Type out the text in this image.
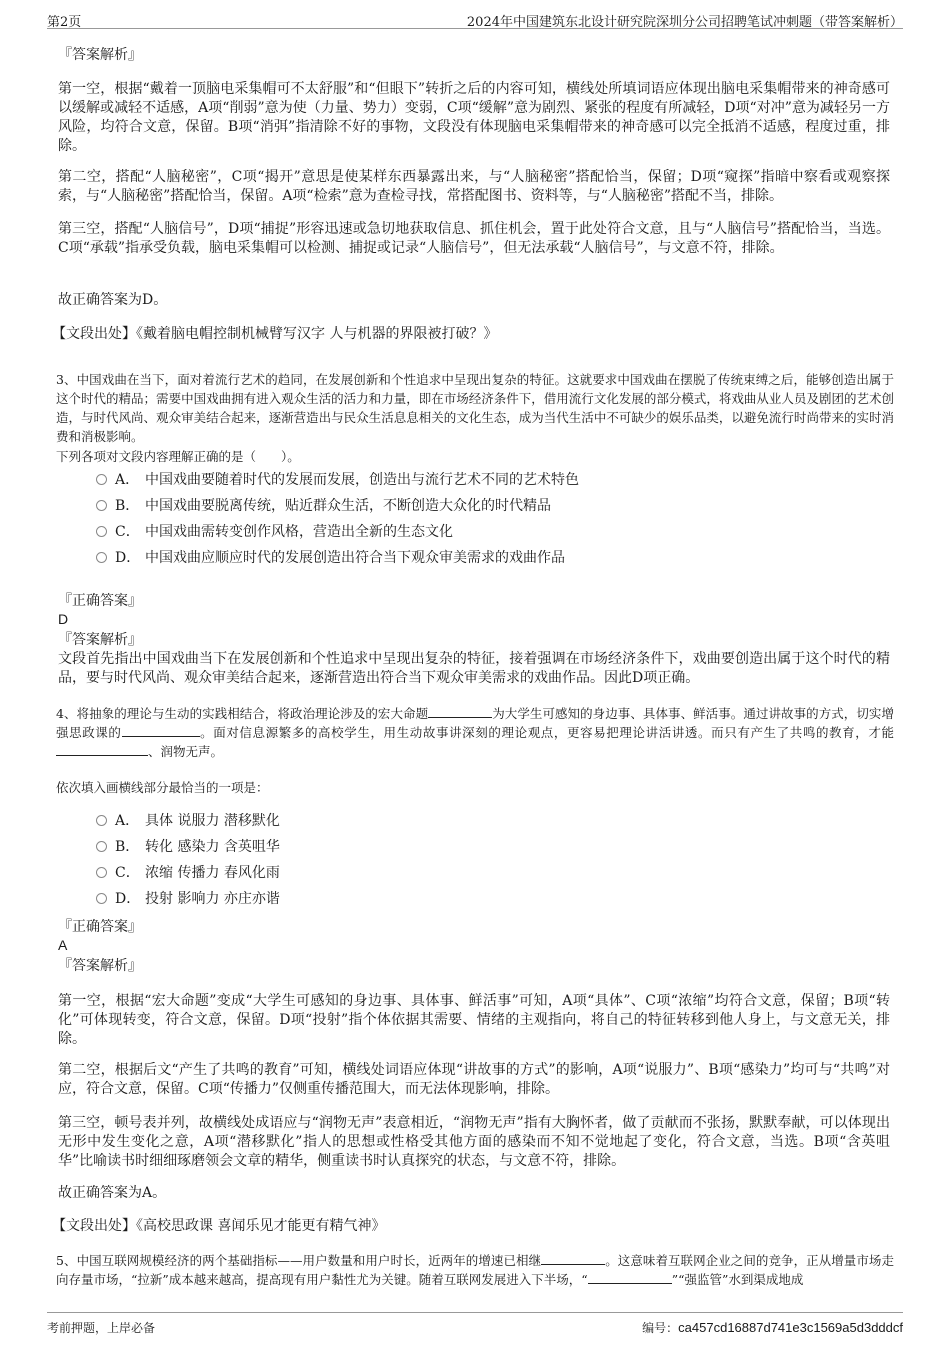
第2页	2024年中国建筑东北设计研究院深圳分公司招聘笔试冲刺题（带答案解析）
『答案解析』
第一空，根据“戴着一顶脑电采集帽可不太舒服”和“但眼下”转折之后的内容可知，横线处所填词语应体现出脑电采集帽带来的神奇感可以缓解或减轻不适感，A项“削弱”意为使（力量、势力）变弱，C项“缓解”意为剧烈、紧张的程度有所减轻，D项“对冲”意为减轻另一方风险，均符合文意，保留。B项“消弭”指清除不好的事物，文段没有体现脑电采集帽带来的神奇感可以完全抵消不适感，程度过重，排除。
第二空，搭配“人脑秘密”，C项“揭开”意思是使某样东西暴露出来，与“人脑秘密”搭配恰当，保留；D项“窥探”指暗中察看或观察探索，与“人脑秘密”搭配恰当，保留。A项“检索”意为查检寻找，常搭配图书、资料等，与“人脑秘密”搭配不当，排除。
第三空，搭配“人脑信号”，D项“捕捉”形容迅速或急切地获取信息、抓住机会，置于此处符合文意，且与“人脑信号”搭配恰当，当选。C项“承载”指承受负载，脑电采集帽可以检测、捕捉或记录“人脑信号”，但无法承载“人脑信号”，与文意不符，排除。
故正确答案为D。
【文段出处】《戴着脑电帽控制机械臂写汉字 人与机器的界限被打破？》
3、中国戏曲在当下，面对着流行艺术的趋同，在发展创新和个性追求中呈现出复杂的特征。这就要求中国戏曲在摆脱了传统束缚之后，能够创造出属于这个时代的精品；需要中国戏曲拥有进入观众生活的活力和力量，即在市场经济条件下，借用流行文化发展的部分模式，将戏曲从业人员及剧团的艺术创造，与时代风尚、观众审美结合起来，逐渐营造出与民众生活息息相关的文化生态，成为当代生活中不可缺少的娱乐品类，以避免流行时尚带来的实时消费和消极影响。
下列各项对文段内容理解正确的是（　　）。
A． 中国戏曲要随着时代的发展而发展，创造出与流行艺术不同的艺术特色
B． 中国戏曲要脱离传统，贴近群众生活，不断创造大众化的时代精品
C． 中国戏曲需转变创作风格，营造出全新的生态文化
D． 中国戏曲应顺应时代的发展创造出符合当下观众审美需求的戏曲作品
『正确答案』
D
『答案解析』
文段首先指出中国戏曲当下在发展创新和个性追求中呈现出复杂的特征，接着强调在市场经济条件下，戏曲要创造出属于这个时代的精品，要与时代风尚、观众审美结合起来，逐渐营造出符合当下观众审美需求的戏曲作品。因此D项正确。
4、将抽象的理论与生动的实践相结合，将政治理论涉及的宏大命题	为大学生可感知的身边事、具体事、鲜活事。通过讲故事的方式，切实增强思政课的	。面对信息源繁多的高校学生，用生动故事讲深刻的理论观点，更容易把理论讲活讲透。而只有产生了共鸣的教育，才能、润物无声。
依次填入画横线部分最恰当的一项是：
A． 具体 说服力 潜移默化
B． 转化 感染力 含英咀华
C． 浓缩 传播力 春风化雨
D． 投射 影响力 亦庄亦谐
『正确答案』
A
『答案解析』
第一空，根据“宏大命题”变成“大学生可感知的身边事、具体事、鲜活事”可知，A项“具体”、C项“浓缩”均符合文意，保留；B项“转化”可体现转变，符合文意，保留。D项“投射”指个体依据其需要、情绪的主观指向，将自己的特征转移到他人身上，与文意无关，排除。
第二空，根据后文“产生了共鸣的教育”可知，横线处词语应体现“讲故事的方式”的影响，A项“说服力”、B项“感染力”均可与“共鸣”对应，符合文意，保留。C项“传播力”仅侧重传播范围大，而无法体现影响，排除。
第三空，顿号表并列，故横线处成语应与“润物无声”表意相近，“润物无声”指有大胸怀者，做了贡献而不张扬，默默奉献，可以体现出无形中发生变化之意，A项“潜移默化”指人的思想或性格受其他方面的感染而不知不觉地起了变化，符合文意，当选。B项“含英咀华”比喻读书时细细琢磨领会文章的精华，侧重读书时认真探究的状态，与文意不符，排除。
故正确答案为A。
【文段出处】《高校思政课 喜闻乐见才能更有精气神》
5、中国互联网规模经济的两个基础指标——用户数量和用户时长，近两年的增速已相继	。这意味着互联网企业之间的竞争，正从增量市场走向存量市场，“拉新”成本越来越高，提高现有用户黏性尤为关键。随着互联网发展进入下半场，“	”“强监管”水到渠成地成
考前押题，上岸必备	编号：ca457cd16887d741e3c1569a5d3dddcf
